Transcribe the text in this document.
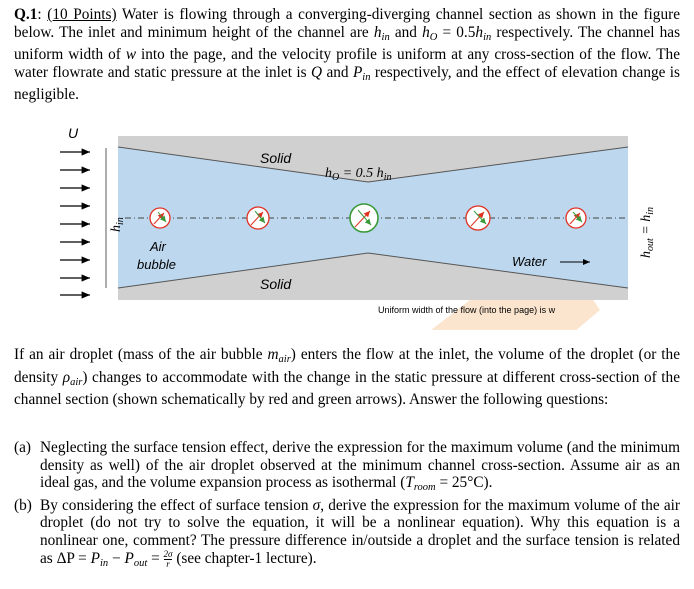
U
$h_{in}$
$h_{out} = h_{in}$
Solid
Solid
$h_O = 0.5$ $h_{in}$
Air
bubble	Water
Uniform width of the flow (into the page) is w
Q.1: (10 Points) Water is flowing through a converging-diverging channel section as shown in the figure below. The inlet and minimum height of the channel are $h_{in}$ and $h_O = 0.5h_{in}$ respectively. The channel has uniform width of w into the page, and the velocity profile is uniform at any cross-section of the flow. The water flowrate and static pressure at the inlet is Q and $P_{in}$ respectively, and the effect of elevation change is negligible.
If an air droplet (mass of the air bubble $m_{air}$) enters the flow at the inlet, the volume of the droplet (or the density $\rho_{air}$) changes to accommodate with the change in the static pressure at different cross-section of the channel section (shown schematically by red and green arrows). Answer the following questions:
(a) Neglecting the surface tension effect, derive the expression for the maximum volume (and the minimum density as well) of the air droplet observed at the minimum channel cross-section. Assume air as an ideal gas, and the volume expansion process as isothermal $(T_{room} = 25^\circ C)$.
(b) By considering the effect of surface tension σ, derive the expression for the maximum volume of the air droplet (do not try to solve the equation, it will be a nonlinear equation). Why this equation is a nonlinear one, comment? The pressure difference in/outside a droplet and the surface tension is related as $\Delta P = P_{in} - P_{out} = \frac{2\sigma}{r} (see$ chapter-1 lecture).
